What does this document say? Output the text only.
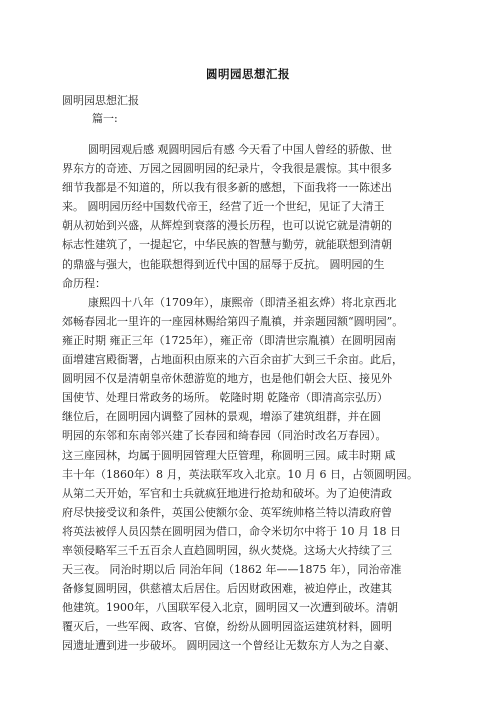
圆明园思想汇报
圆明园思想汇报
篇一:
圆明园观后感 观圆明园后有感 今天看了中国人曾经的骄傲、世
界东方的奇迹、万园之园圆明园的纪录片，令我很是震惊。其中很多
细节我都是不知道的，所以我有很多新的感想，下面我将一一陈述出
来。 圆明园历经中国数代帝王，经营了近一个世纪，见证了大清王
朝从初始到兴盛，从辉煌到衰落的漫长历程，也可以说它就是清朝的
标志性建筑了，一提起它，中华民族的智慧与勤劳，就能联想到清朝
的鼎盛与强大，也能联想得到近代中国的屈辱于反抗。 圆明园的生
命历程：
康熙四十八年（1709年），康熙帝（即清圣祖玄烨）将北京西北
郊畅春园北一里许的一座园林赐给第四子胤禛，并亲题园额“圆明园”。
雍正时期 雍正三年（1725年），雍正帝（即清世宗胤禛）在圆明园南
面增建宫殿衙署，占地面积由原来的六百余亩扩大到三千余亩。此后，
圆明园不仅是清朝皇帝休憩游览的地方，也是他们朝会大臣、接见外
国使节、处理日常政务的场所。 乾隆时期 乾隆帝（即清高宗弘历）
继位后，在圆明园内调整了园林的景观，增添了建筑组群，并在圆
明园的东邻和东南邻兴建了长春园和绮春园（同治时改名万春园）。
这三座园林，均属于圆明园管理大臣管理，称圆明三园。咸丰时期 咸
丰十年（1860年）8 月，英法联军攻入北京。10 月 6 日，占领圆明园。
从第二天开始，军官和士兵就疯狂地进行抢劫和破坏。为了迫使清政
府尽快接受议和条件，英国公使额尔金、英军统帅格兰特以清政府曾
将英法被俘人员囚禁在圆明园为借口，命令米切尔中将于 10 月 18 日
率领侵略军三千五百余人直趋圆明园，纵火焚烧。这场大火持续了三
天三夜。 同治时期以后 同治年间（1862 年——1875 年），同治帝准
备修复圆明园，供慈禧太后居住。后因财政困难，被迫停止，改建其
他建筑。1900年，八国联军侵入北京，圆明园又一次遭到破坏。清朝
覆灭后，一些军阀、政客、官僚，纷纷从圆明园盗运建筑材料，圆明
园遗址遭到进一步破坏。 圆明园这一个曾经让无数东方人为之自豪、
